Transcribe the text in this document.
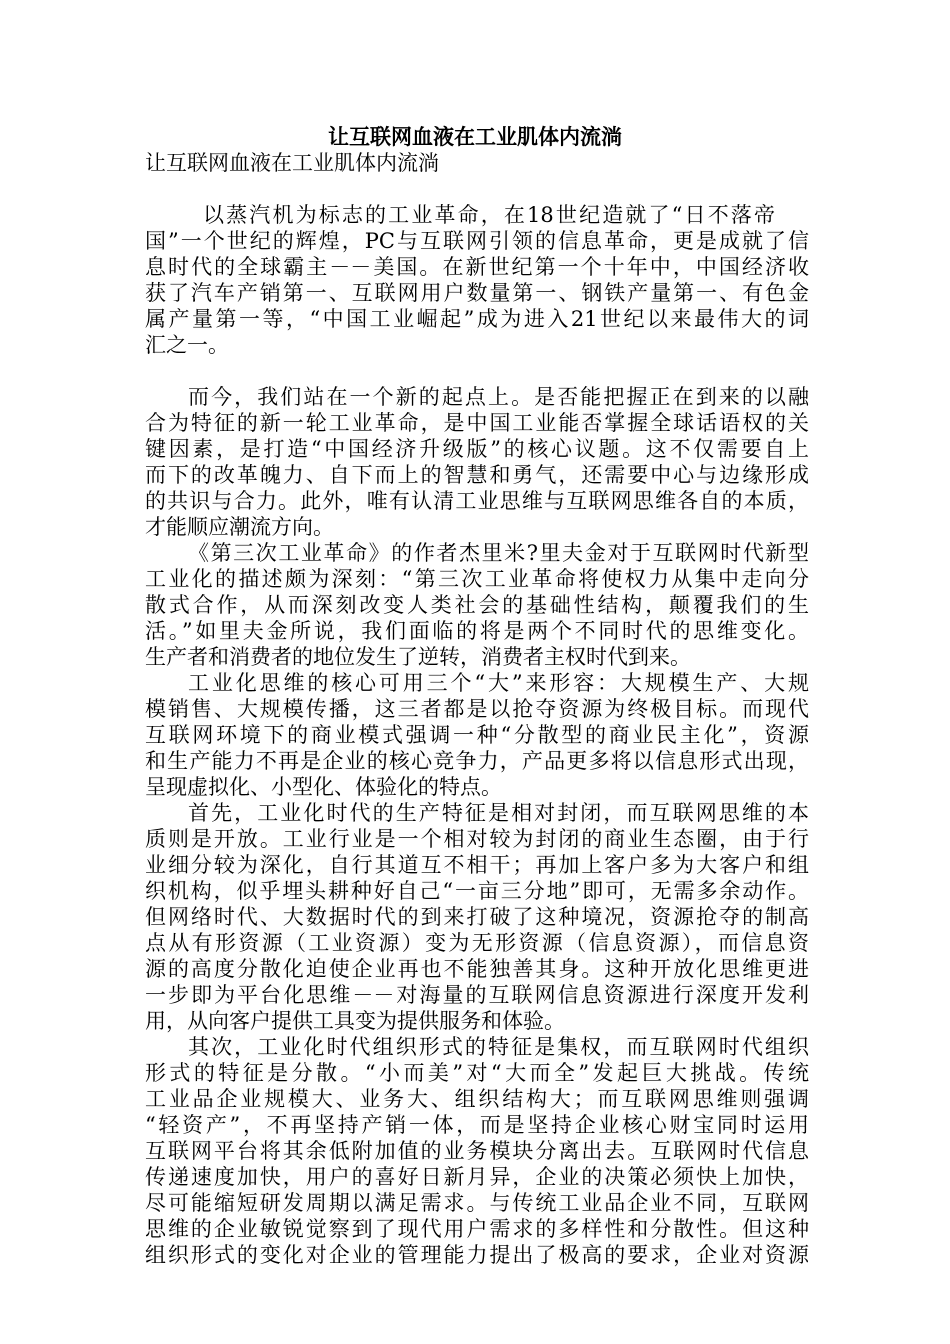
让互联网血液在工业肌体内流淌
让互联网血液在工业肌体内流淌
以蒸汽机为标志的工业革命，在18世纪造就了“日不落帝
国”一个世纪的辉煌，PC与互联网引领的信息革命，更是成就了信
息时代的全球霸主－－美国。在新世纪第一个十年中，中国经济收
获了汽车产销第一、互联网用户数量第一、钢铁产量第一、有色金
属产量第一等，“中国工业崛起”成为进入21世纪以来最伟大的词
汇之一。
而今，我们站在一个新的起点上。是否能把握正在到来的以融
合为特征的新一轮工业革命，是中国工业能否掌握全球话语权的关
键因素，是打造“中国经济升级版”的核心议题。这不仅需要自上
而下的改革魄力、自下而上的智慧和勇气，还需要中心与边缘形成
的共识与合力。此外，唯有认清工业思维与互联网思维各自的本质，
才能顺应潮流方向。
《第三次工业革命》的作者杰里米?里夫金对于互联网时代新型
工业化的描述颇为深刻：“第三次工业革命将使权力从集中走向分
散式合作，从而深刻改变人类社会的基础性结构，颠覆我们的生
活。”如里夫金所说，我们面临的将是两个不同时代的思维变化。
生产者和消费者的地位发生了逆转，消费者主权时代到来。
工业化思维的核心可用三个“大”来形容：大规模生产、大规
模销售、大规模传播，这三者都是以抢夺资源为终极目标。而现代
互联网环境下的商业模式强调一种“分散型的商业民主化”，资源
和生产能力不再是企业的核心竞争力，产品更多将以信息形式出现，
呈现虚拟化、小型化、体验化的特点。
首先，工业化时代的生产特征是相对封闭，而互联网思维的本
质则是开放。工业行业是一个相对较为封闭的商业生态圈，由于行
业细分较为深化，自行其道互不相干；再加上客户多为大客户和组
织机构，似乎埋头耕种好自己“一亩三分地”即可，无需多余动作。
但网络时代、大数据时代的到来打破了这种境况，资源抢夺的制高
点从有形资源（工业资源）变为无形资源（信息资源），而信息资
源的高度分散化迫使企业再也不能独善其身。这种开放化思维更进
一步即为平台化思维－－对海量的互联网信息资源进行深度开发利
用，从向客户提供工具变为提供服务和体验。
其次，工业化时代组织形式的特征是集权，而互联网时代组织
形式的特征是分散。“小而美”对“大而全”发起巨大挑战。传统
工业品企业规模大、业务大、组织结构大；而互联网思维则强调
“轻资产”，不再坚持产销一体，而是坚持企业核心财宝同时运用
互联网平台将其余低附加值的业务模块分离出去。互联网时代信息
传递速度加快，用户的喜好日新月异，企业的决策必须快上加快，
尽可能缩短研发周期以满足需求。与传统工业品企业不同，互联网
思维的企业敏锐觉察到了现代用户需求的多样性和分散性。但这种
组织形式的变化对企业的管理能力提出了极高的要求，企业对资源
